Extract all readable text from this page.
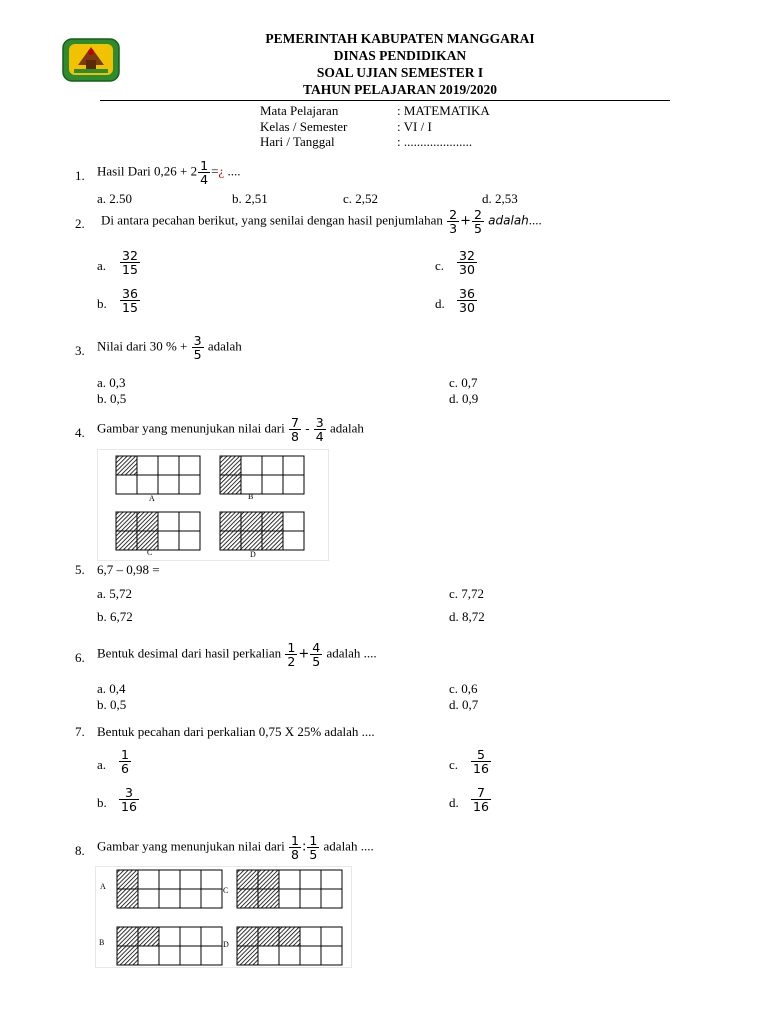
PEMERINTAH KABUPATEN MANGGARAI
DINAS PENDIDIKAN
SOAL UJIAN SEMESTER I
TAHUN PELAJARAN 2019/2020
Mata Pelajaran	: MATEMATIKA
Kelas / Semester	: VI / I
Hari / Tanggal	: .....................
1. Hasil Dari $0,26 + 2 \frac{1}{4}$ =¿ ....
a. 2.50	b. 2,51	c. 2,52	d. 2,53
2. Di antara pecahan berikut, yang senilai dengan hasil penjumlahan $\frac{2}{3} + \frac{2}{5}$ adalah....
a. $\frac{32}{15}$	c. $\frac{32}{30}$
b. $\frac{36}{15}$	d. $\frac{36}{30}$
3. Nilai dari 30 % + $\frac{3}{5}$ adalah
a. 0,3
b. 0,5
c. 0,7
d. 0,9
4. Gambar yang menunjukan nilai dari $\frac{7}{8} - \frac{3}{4}$ adalah
A	B
C	D
5. 6,7 – 0,98 =
a. 5,72
b. 6,72
c. 7,72
d. 8,72
6. Bentuk desimal dari hasil perkalian $\frac{1}{2} + \frac{4}{5}$ adalah ....
a. 0,4
b. 0,5
c. 0,6
d. 0,7
7. Bentuk pecahan dari perkalian 0,75 X 25% adalah ....
a. $\frac{1}{6}$	c. $\frac{5}{16}$
b. $\frac{3}{16}$	d. $\frac{7}{16}$
8. Gambar yang menunjukan nilai dari $\frac{1}{8}$ : $\frac{1}{5}$ adalah ....
A	C
B	D
